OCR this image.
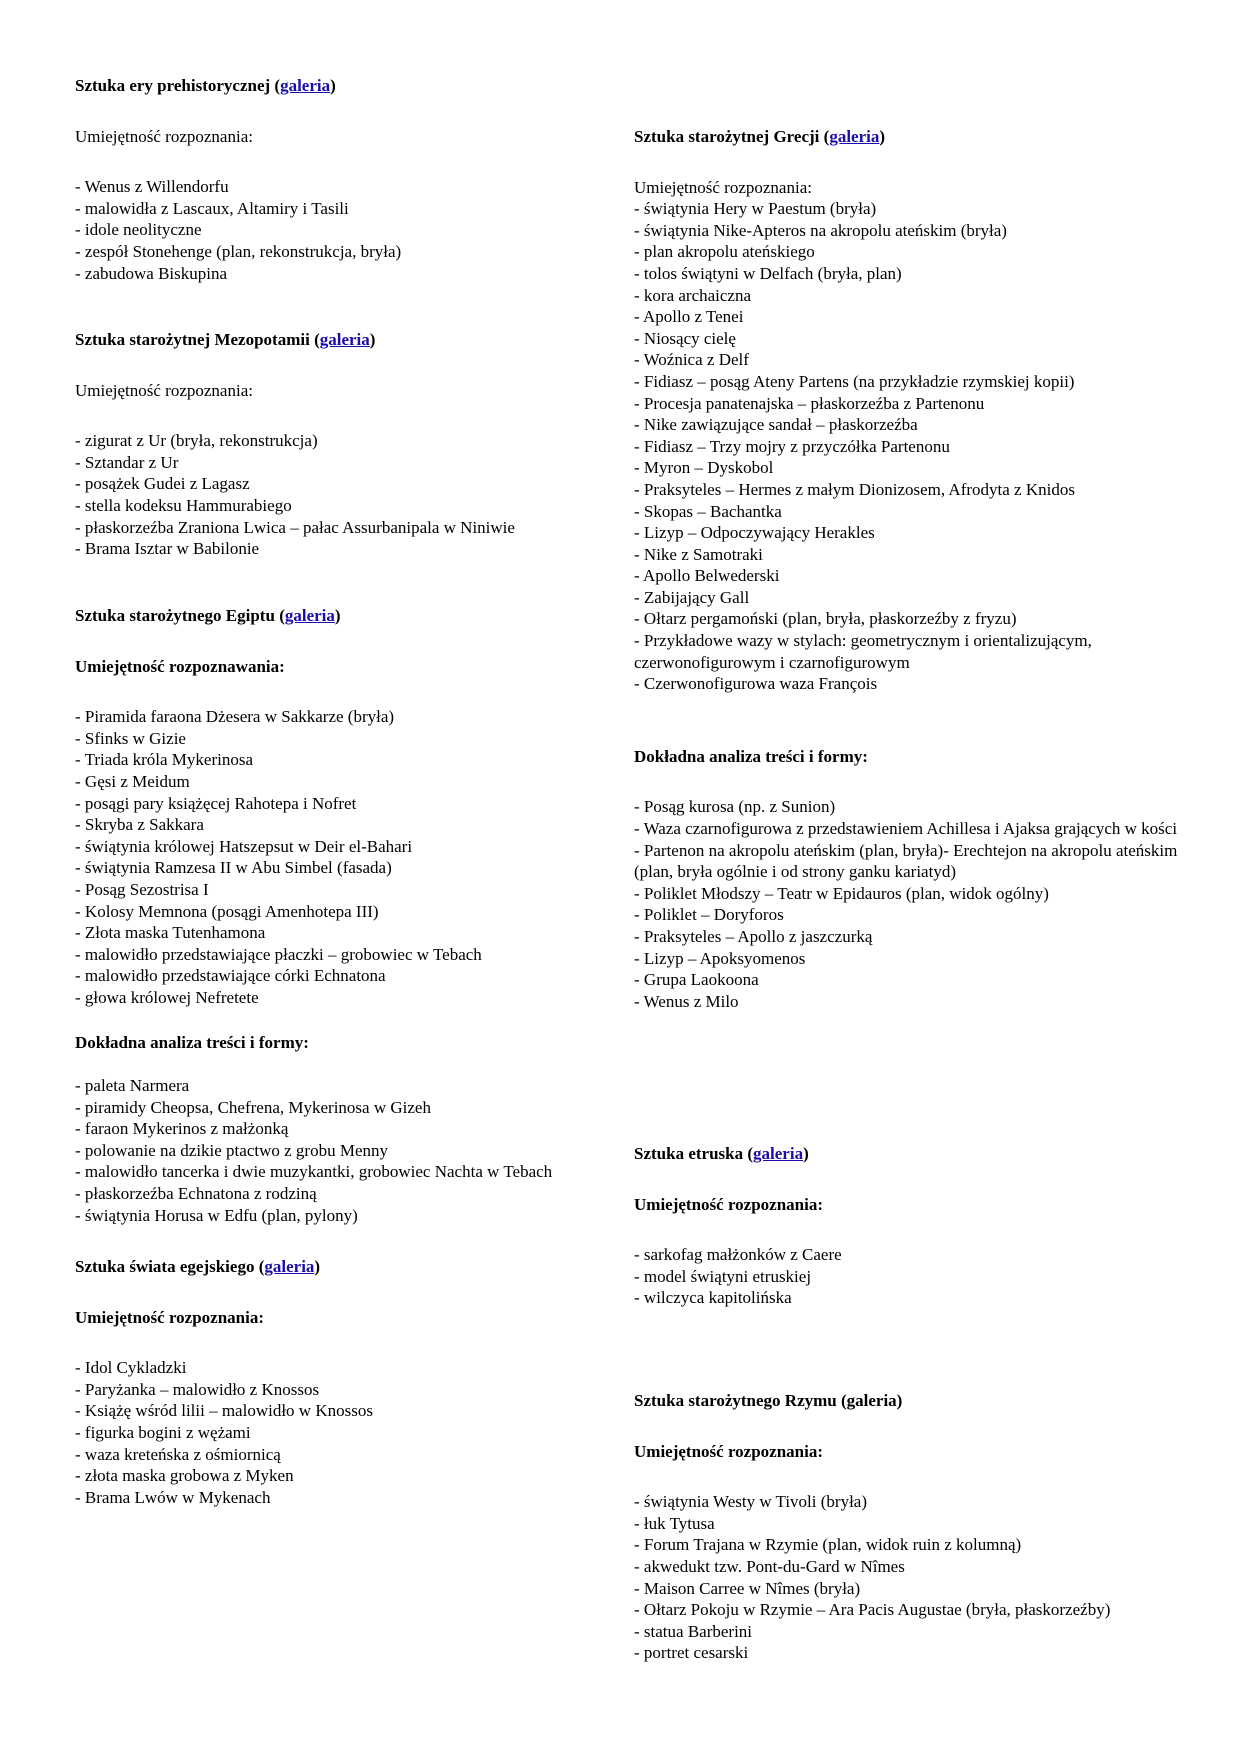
Sztuka ery prehistorycznej (galeria)

Umiejętność rozpoznania:

- Wenus z Willendorfu
- malowidła z Lascaux, Altamiry i Tasili
- idole neolityczne
- zespół Stonehenge (plan, rekonstrukcja, bryła)
- zabudowa Biskupina

Sztuka starożytnej Mezopotamii (galeria)

Umiejętność rozpoznania:

- zigurat z Ur (bryła, rekonstrukcja)
- Sztandar z Ur
- posążek Gudei z Lagasz
- stella kodeksu Hammurabiego
- płaskorzeźba Zraniona Lwica – pałac Assurbanipala w Niniwie
- Brama Isztar w Babilonie

Sztuka starożytnego Egiptu (galeria)

Umiejętność rozpoznawania:

- Piramida faraona Dżesera w Sakkarze (bryła)
- Sfinks w Gizie
- Triada króla Mykerinosa
- Gęsi z Meidum
- posągi pary książęcej Rahotepa i Nofret
- Skryba z Sakkara
- świątynia królowej Hatszepsut w Deir el-Bahari
- świątynia Ramzesa II w Abu Simbel (fasada)
- Posąg Sezostrisa I
- Kolosy Memnona (posągi Amenhotepa III)
- Złota maska Tutenhamona
- malowidło przedstawiające płaczki – grobowiec w Tebach
- malowidło przedstawiające córki Echnatona
- głowa królowej Nefretete

Dokładna analiza treści i formy:

- paleta Narmera
- piramidy Cheopsa, Chefrena, Mykerinosa w Gizeh
- faraon Mykerinos z małżonką
- polowanie na dzikie ptactwo z grobu Menny
- malowidło tancerka i dwie muzykantki, grobowiec Nachta w Tebach
- płaskorzeźba Echnatona z rodziną
- świątynia Horusa w Edfu (plan, pylony)

Sztuka świata egejskiego (galeria)

Umiejętność rozpoznania:

- Idol Cykladzki
- Paryżanka – malowidło z Knossos
- Książę wśród lilii – malowidło w Knossos
- figurka bogini z wężami
- waza kreteńska z ośmiornicą
- złota maska grobowa z Myken
- Brama Lwów w Mykenach

Sztuka starożytnej Grecji (galeria)

Umiejętność rozpoznania:

- świątynia Hery w Paestum (bryła)
- świątynia Nike-Apteros na akropolu ateńskim (bryła)
- plan akropolu ateńskiego
- tolos świątyni w Delfach (bryła, plan)
- kora archaiczna
- Apollo z Tenei
- Niosący cielę
- Woźnica z Delf
- Fidiasz – posąg Ateny Partens (na przykładzie rzymskiej kopii)
- Procesja panatenajska – płaskorzeźba z Partenonu
- Nike zawiązujące sandał – płaskorzeźba
- Fidiasz – Trzy mojry z przyczółka Partenonu
- Myron – Dyskobol
- Praksyteles – Hermes z małym Dionizosem, Afrodyta z Knidos
- Skopas – Bachantka
- Lizyp – Odpoczywający Herakles
- Nike z Samotraki
- Apollo Belwederski
- Zabijający Gall
- Ołtarz pergamoński (plan, bryła, płaskorzeźby z fryzu)
- Przykładowe wazy w stylach: geometrycznym i orientalizującym, czerwonofigurowym i czarnofigurowym
- Czerwonofigurowa waza François

Dokładna analiza treści i formy:

- Posąg kurosa (np. z Sunion)
- Waza czarnofigurowa z przedstawieniem Achillesa i Ajaksa grających w kości
- Partenon na akropolu ateńskim (plan, bryła)- Erechtejon na akropolu ateńskim (plan, bryła ogólnie i od strony ganku kariatyd)
- Poliklet Młodszy – Teatr w Epidauros (plan, widok ogólny)
- Poliklet – Doryforos
- Praksyteles – Apollo z jaszczurką
- Lizyp – Apoksyomenos
- Grupa Laokoona
- Wenus z Milo

Sztuka etruska (galeria)

Umiejętność rozpoznania:

- sarkofag małżonków z Caere
- model świątyni etruskiej
- wilczyca kapitolińska

Sztuka starożytnego Rzymu (galeria)

Umiejętność rozpoznania:

- świątynia Westy w Tivoli (bryła)
- łuk Tytusa
- Forum Trajana w Rzymie (plan, widok ruin z kolumną)
- akwedukt tzw. Pont-du-Gard w Nîmes
- Maison Carree w Nîmes (bryła)
- Ołtarz Pokoju w Rzymie – Ara Pacis Augustae (bryła, płaskorzeźby)
- statua Barberini
- portret cesarski
